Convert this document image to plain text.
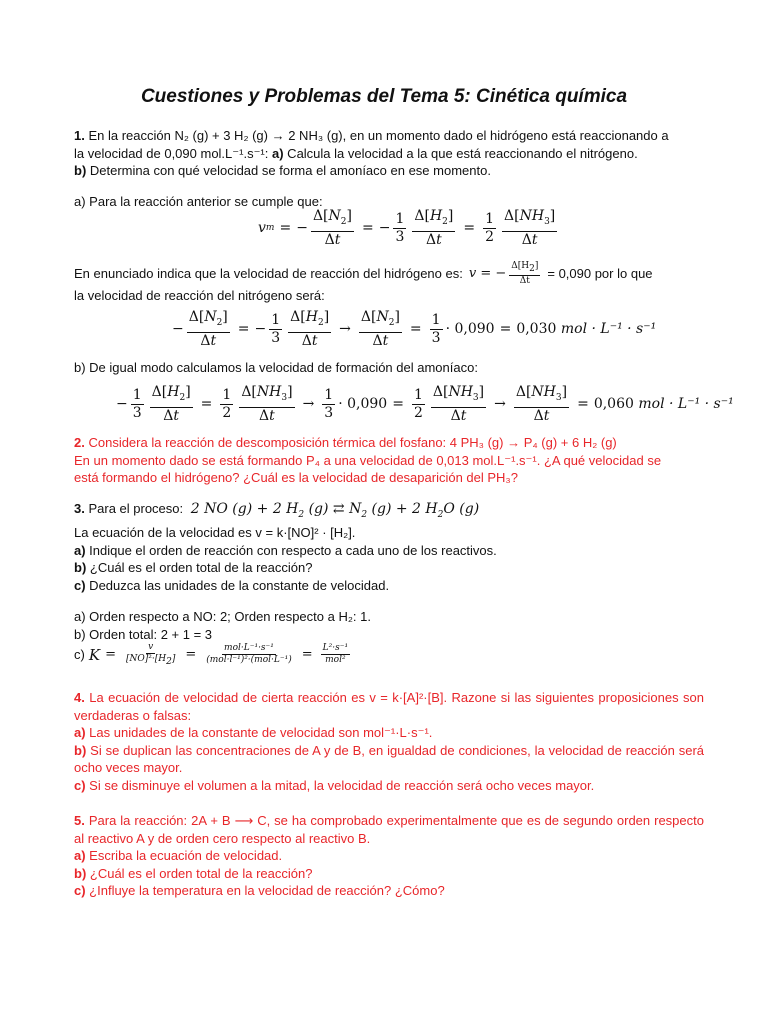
Cuestiones y Problemas del Tema 5: Cinética química
1. En la reacción N₂ (g) + 3 H₂ (g) → 2 NH₃ (g), en un momento dado el hidrógeno está reaccionando a
la velocidad de 0,090 mol.L⁻¹.s⁻¹: a) Calcula la velocidad a la que está reaccionando el nitrógeno.
b) Determina con qué velocidad se forma el amoníaco en ese momento.
a) Para la reacción anterior se cumple que:
v m = − $\frac{\Delta[N_2]}{\Delta t}$ = − $\frac{1}{3} \frac{\Delta[H_2]}{\Delta t} = \frac{1}{2} \frac{\Delta[NH_3]}{\Delta t}$
En enunciado indica que la velocidad de reacción del hidrógeno es: v = − $\frac{\Delta[H_2]}{\Delta t} = 0,090$ por lo que
la velocidad de reacción del nitrógeno será:
− $\frac{\Delta[N_2]}{\Delta t}$ = − $\frac{1}{3} \frac{\Delta[H_2]}{\Delta t} \to \frac{\Delta[N_2]}{\Delta t} = \frac{1}{3} \cdot 0,090 = 0,030$
mol · L⁻¹ · s⁻¹
b) De igual modo calculamos la velocidad de formación del amoníaco:
− $\frac{1}{3} \frac{\Delta[H_2]}{\Delta t} = \frac{1}{2} \frac{\Delta[NH_3]}{\Delta t} \to \frac{1}{3} \cdot 0,090 = \frac{1}{2} \frac{\Delta[NH_3]}{\Delta t} \to \frac{\Delta[NH_3]}{\Delta t} = 0,060$
mol · L⁻¹ · s⁻¹
2. Considera la reacción de descomposición térmica del fosfano: 4 PH₃ (g) → P₄ (g) + 6 H₂ (g)
En un momento dado se está formando P₄ a una velocidad de 0,013 mol.L⁻¹.s⁻¹. ¿A qué velocidad se
está formando el hidrógeno? ¿Cuál es la velocidad de desaparición del PH₃?
3. Para el proceso: 2 NO (g) + 2 $H_2$ (g) ⇄ $N_2$ (g) + 2 $H_2O$ (g)
La ecuación de la velocidad es v = k·[NO]² · [H₂].
a) Indique el orden de reacción con respecto a cada uno de los reactivos.
b) ¿Cuál es el orden total de la reacción?
c) Deduzca las unidades de la constante de velocidad.
a) Orden respecto a NO: 2; Orden respecto a H₂: 1.
b) Orden total: 2 + 1 = 3
c) $K = \frac{v}{[NO]^2\cdot[H_2]} = \frac{\text{mol·L⁻¹·s⁻¹}}{\text{(mol·l⁻¹)²·(mol·L⁻¹)}} = \frac{\text{L²·s⁻¹}}{\text{mol²}}$
4. La ecuación de velocidad de cierta reacción es v = k·[A]²·[B]. Razone si las siguientes proposiciones son verdaderas o falsas:
a) Las unidades de la constante de velocidad son mol⁻¹·L·s⁻¹.
b) Si se duplican las concentraciones de A y de B, en igualdad de condiciones, la velocidad de reacción será ocho veces mayor.
c) Si se disminuye el volumen a la mitad, la velocidad de reacción será ocho veces mayor.
5. Para la reacción: 2A + B ⟶ C, se ha comprobado experimentalmente que es de segundo orden respecto al reactivo A y de orden cero respecto al reactivo B.
a) Escriba la ecuación de velocidad.
b) ¿Cuál es el orden total de la reacción?
c) ¿Influye la temperatura en la velocidad de reacción? ¿Cómo?
